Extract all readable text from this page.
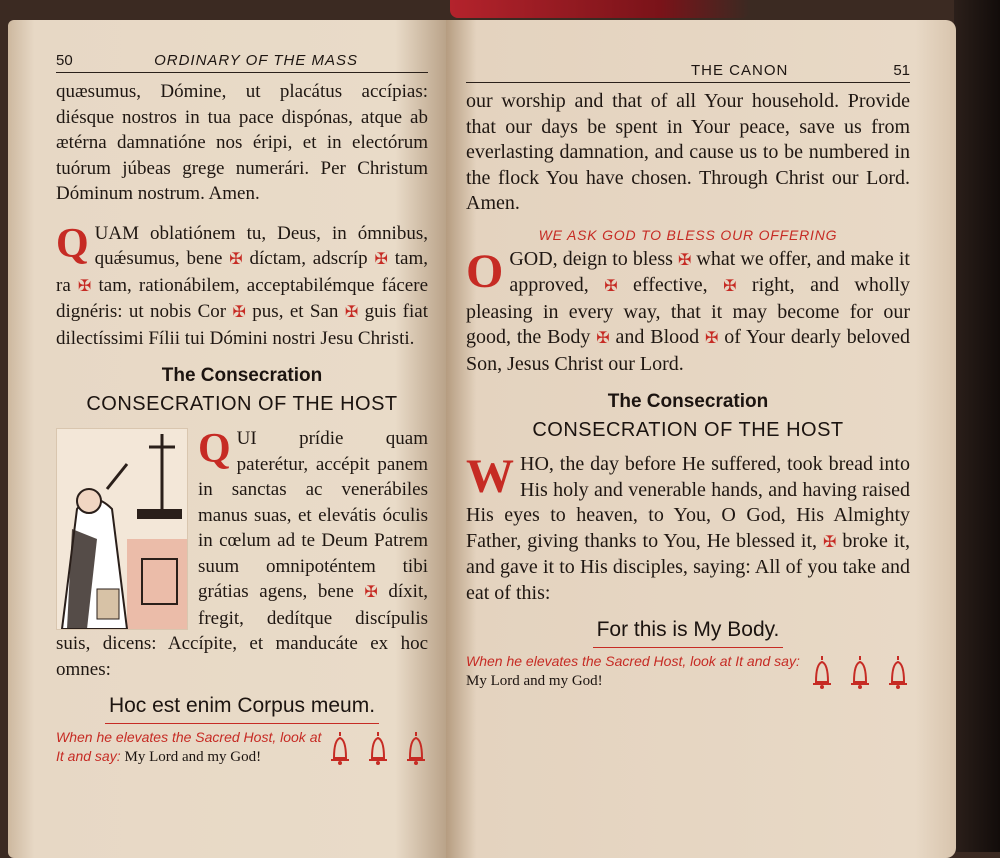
50	ORDINARY OF THE MASS

quæsumus, Dómine, ut placátus accípias: diésque nostros in tua pace dispónas, atque ab ætérna damnatióne nos éripi, et in electórum tuórum júbeas grege numerári. Per Christum Dóminum nostrum. Amen.

Q UAM oblatiónem tu, Deus, in ómnibus, quǽsumus, bene ✠ díctam, adscríp ✠ tam, ra ✠ tam, rationábilem, acceptabilémque fácere dignéris: ut nobis Cor ✠ pus, et San ✠ guis fiat dilectíssimi Fílii tui Dómini nostri Jesu Christi.

The Consecration
CONSECRATION OF THE HOST

Q UI prídie quam paterétur, accépit panem in sanctas ac venerábiles manus suas, et elevátis óculis in cœlum ad te Deum Patrem suum omnipoténtem tibi grátias agens, bene ✠ díxit, fregit, dedítque discípulis suis, dicens: Accípite, et manducáte ex hoc omnes:

Hoc est enim Corpus meum.

When he elevates the Sacred Host, look at It and say: My Lord and my God!

THE CANON	51

our worship and that of all Your household. Provide that our days be spent in Your peace, save us from everlasting damnation, and cause us to be numbered in the flock You have chosen. Through Christ our Lord. Amen.

WE ASK GOD TO BLESS OUR OFFERING

O GOD, deign to bless ✠ what we offer, and make it approved, ✠ effective, ✠ right, and wholly pleasing in every way, that it may become for our good, the Body ✠ and Blood ✠ of Your dearly beloved Son, Jesus Christ our Lord.

The Consecration
CONSECRATION OF THE HOST

W HO, the day before He suffered, took bread into His holy and venerable hands, and having raised His eyes to heaven, to You, O God, His Almighty Father, giving thanks to You, He blessed it, ✠ broke it, and gave it to His disciples, saying: All of you take and eat of this:

For this is My Body.

When he elevates the Sacred Host, look at It and say: My Lord and my God!
